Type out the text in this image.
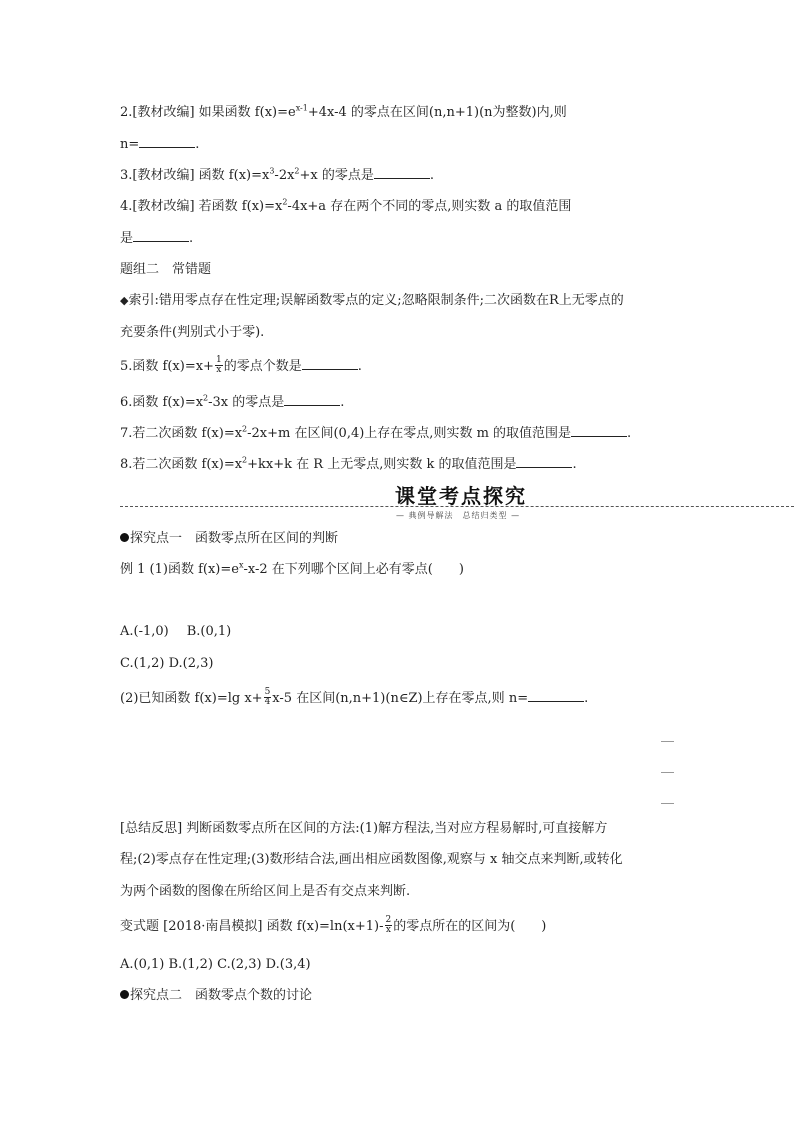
2.[教材改编] 如果函数 $f(x)=e^{x-1}+4x-4$ 的零点在区间(n,n+1)(n为整数)内,则
n=	.
3.[教材改编] 函数 $f(x)=x^3-2x^2+x$ 的零点是	.
4.[教材改编] 若函数 $f(x)=x^2-4x+a$ 存在两个不同的零点,则实数 a 的取值范围
是	.
题组二　常错题
◆索引:错用零点存在性定理;误解函数零点的定义;忽略限制条件;二次函数在R上无零点的
充要条件(判别式小于零).
5.函数 $f(x)=x+ \frac{1}{x}$ 的零点个数是	.
6.函数 $f(x)=x^2-3x$ 的零点是	.
7.若二次函数 $f(x)=x^2-2x+m$ 在区间(0,4)上存在零点,则实数 m 的取值范围是	.
8.若二次函数 $f(x)=x^2+kx+k$ 在 R 上无零点,则实数 k 的取值范围是	.
课堂考点探究
— 典例导解法　总结归类型 —
探究点一　函数零点所在区间的判断
例 1 (1)函数 $f(x)=e^x-x-2$ 在下列哪个区间上必有零点(　　)
A.(-1,0) B.(0,1)
C.(1,2) D.(2,3)
(2)已知函数 f(x)=lg $x+ \frac{5}{4} x-5$ 在区间(n,n+1)(n∈Z)上存在零点,则 n=	.
[总结反思] 判断函数零点所在区间的方法:(1)解方程法,当对应方程易解时,可直接解方
程;(2)零点存在性定理;(3)数形结合法,画出相应函数图像,观察与 x 轴交点来判断,或转化
为两个函数的图像在所给区间上是否有交点来判断.
变式题 [2018·南昌模拟] 函数 $f(x)=\ln(x+1)- \frac{2}{x}$ 的零点所在的区间为(　　)
A.(0,1) B.(1,2) C.(2,3) D.(3,4)
探究点二　函数零点个数的讨论
